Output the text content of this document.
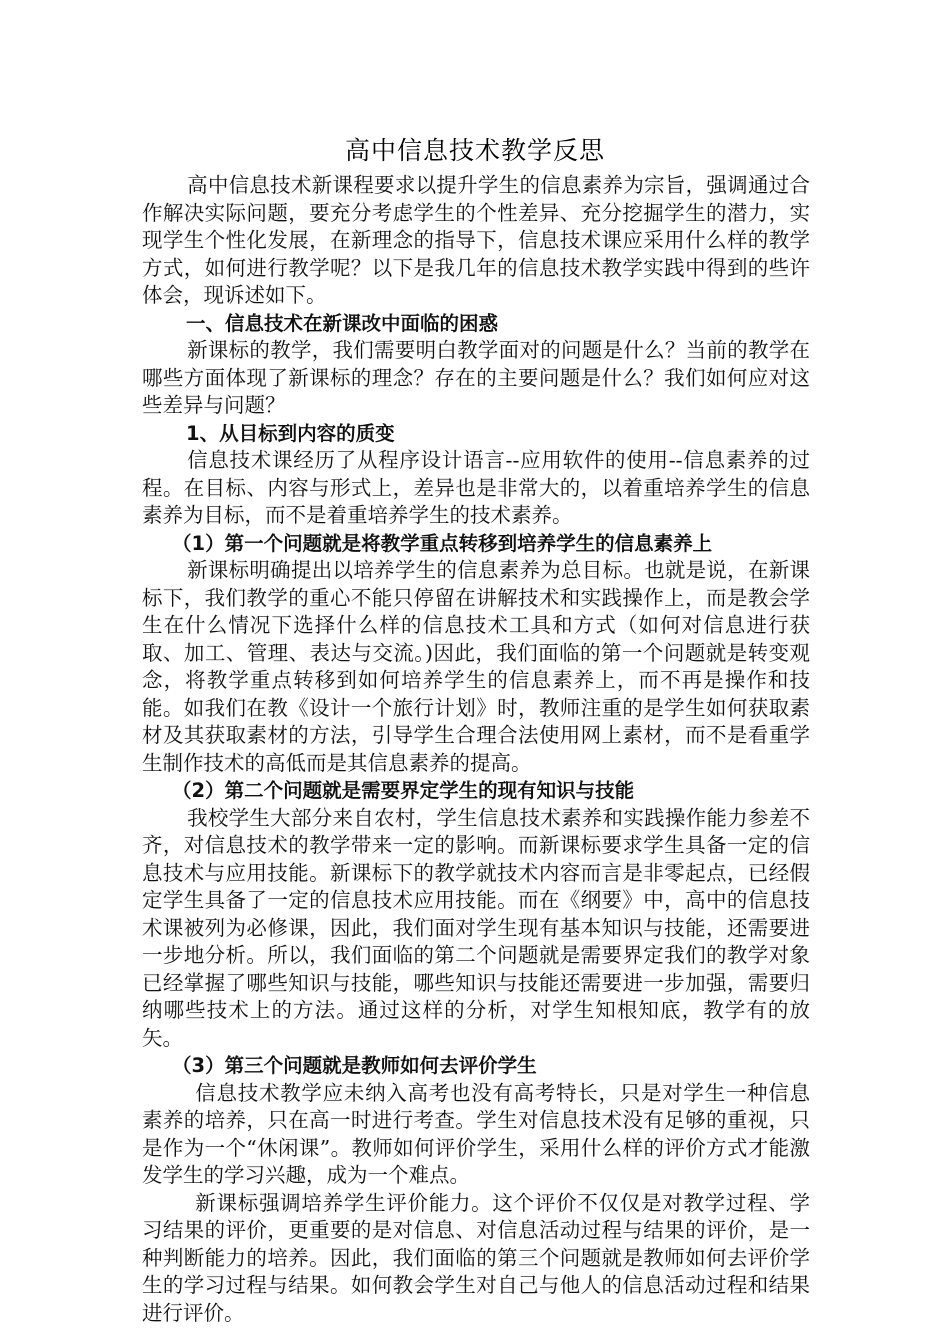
高中信息技术教学反思

高中信息技术新课程要求以提升学生的信息素养为宗旨，强调通过合作解决实际问题，要充分考虑学生的个性差异、充分挖掘学生的潜力，实现学生个性化发展，在新理念的指导下，信息技术课应采用什么样的教学方式，如何进行教学呢？以下是我几年的信息技术教学实践中得到的些许体会，现诉述如下。

一、信息技术在新课改中面临的困惑

新课标的教学，我们需要明白教学面对的问题是什么？当前的教学在哪些方面体现了新课标的理念？存在的主要问题是什么？我们如何应对这些差异与问题？

1、从目标到内容的质变

信息技术课经历了从程序设计语言--应用软件的使用--信息素养的过程。在目标、内容与形式上，差异也是非常大的，以着重培养学生的信息素养为目标，而不是着重培养学生的技术素养。

（1）第一个问题就是将教学重点转移到培养学生的信息素养上

新课标明确提出以培养学生的信息素养为总目标。也就是说，在新课标下，我们教学的重心不能只停留在讲解技术和实践操作上，而是教会学生在什么情况下选择什么样的信息技术工具和方式（如何对信息进行获取、加工、管理、表达与交流。)因此，我们面临的第一个问题就是转变观念，将教学重点转移到如何培养学生的信息素养上，而不再是操作和技能。如我们在教《设计一个旅行计划》时，教师注重的是学生如何获取素材及其获取素材的方法，引导学生合理合法使用网上素材，而不是看重学生制作技术的高低而是其信息素养的提高。

（2）第二个问题就是需要界定学生的现有知识与技能

我校学生大部分来自农村，学生信息技术素养和实践操作能力参差不齐，对信息技术的教学带来一定的影响。而新课标要求学生具备一定的信息技术与应用技能。新课标下的教学就技术内容而言是非零起点，已经假定学生具备了一定的信息技术应用技能。而在《纲要》中，高中的信息技术课被列为必修课，因此，我们面对学生现有基本知识与技能，还需要进一步地分析。所以，我们面临的第二个问题就是需要界定我们的教学对象已经掌握了哪些知识与技能，哪些知识与技能还需要进一步加强，需要归纳哪些技术上的方法。通过这样的分析，对学生知根知底，教学有的放矢。

（3）第三个问题就是教师如何去评价学生

信息技术教学应未纳入高考也没有高考特长，只是对学生一种信息素养的培养，只在高一时进行考查。学生对信息技术没有足够的重视，只是作为一个“休闲课”。教师如何评价学生，采用什么样的评价方式才能激发学生的学习兴趣，成为一个难点。

新课标强调培养学生评价能力。这个评价不仅仅是对教学过程、学习结果的评价，更重要的是对信息、对信息活动过程与结果的评价，是一种判断能力的培养。因此，我们面临的第三个问题就是教师如何去评价学生的学习过程与结果。如何教会学生对自己与他人的信息活动过程和结果进行评价。
